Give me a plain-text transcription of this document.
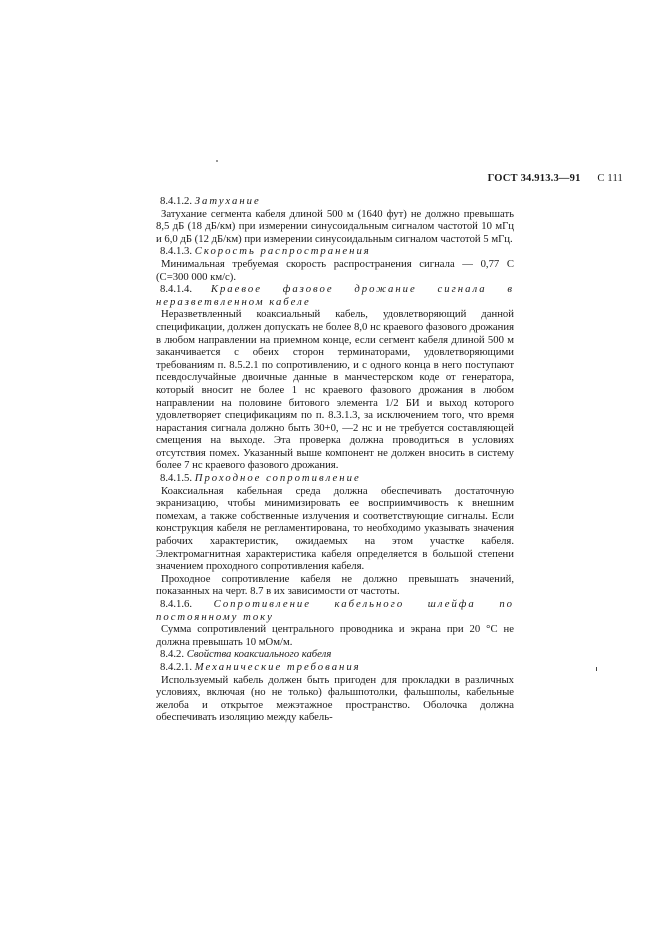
ГОСТ 34.913.3—91 С 111

8.4.1.2. Затухание

Затухание сегмента кабеля длиной 500 м (1640 фут) не должно превышать 8,5 дБ (18 дБ/км) при измерении синусоидальным сигналом частотой 10 мГц и 6,0 дБ (12 дБ/км) при измерении синусоидальным сигналом частотой 5 мГц.

8.4.1.3. Скорость распространения

Минимальная требуемая скорость распространения сигнала — 0,77 С (С=300 000 км/с).

8.4.1.4. Краевое фазовое дрожание сигнала в неразветвленном кабеле

Неразветвленный коаксиальный кабель, удовлетворяющий данной спецификации, должен допускать не более 8,0 нс краевого фазового дрожания в любом направлении на приемном конце, если сегмент кабеля длиной 500 м заканчивается с обеих сторон терминаторами, удовлетворяющими требованиям п. 8.5.2.1 по сопротивлению, и с одного конца в него поступают псевдослучайные двоичные данные в манчестерском коде от генератора, который вносит не более 1 нс краевого фазового дрожания в любом направлении на половине битового элемента 1/2 БИ и выход которого удовлетворяет спецификациям по п. 8.3.1.3, за исключением того, что время нарастания сигнала должно быть 30+0, —2 нс и не требуется составляющей смещения на выходе. Эта проверка должна проводиться в условиях отсутствия помех. Указанный выше компонент не должен вносить в систему более 7 нс краевого фазового дрожания.

8.4.1.5. Проходное сопротивление

Коаксиальная кабельная среда должна обеспечивать достаточную экранизацию, чтобы минимизировать ее восприимчивость к внешним помехам, а также собственные излучения и соответствующие сигналы. Если конструкция кабеля не регламентирована, то необходимо указывать значения рабочих характеристик, ожидаемых на этом участке кабеля. Электромагнитная характеристика кабеля определяется в большой степени значением проходного сопротивления кабеля.

Проходное сопротивление кабеля не должно превышать значений, показанных на черт. 8.7 в их зависимости от частоты.

8.4.1.6. Сопротивление кабельного шлейфа по постоянному току

Сумма сопротивлений центрального проводника и экрана при 20 °С не должна превышать 10 мОм/м.

8.4.2. Свойства коаксиального кабеля

8.4.2.1. Механические требования

Используемый кабель должен быть пригоден для прокладки в различных условиях, включая (но не только) фальшпотолки, фальшполы, кабельные желоба и открытое межэтажное пространство. Оболочка должна обеспечивать изоляцию между кабель-
